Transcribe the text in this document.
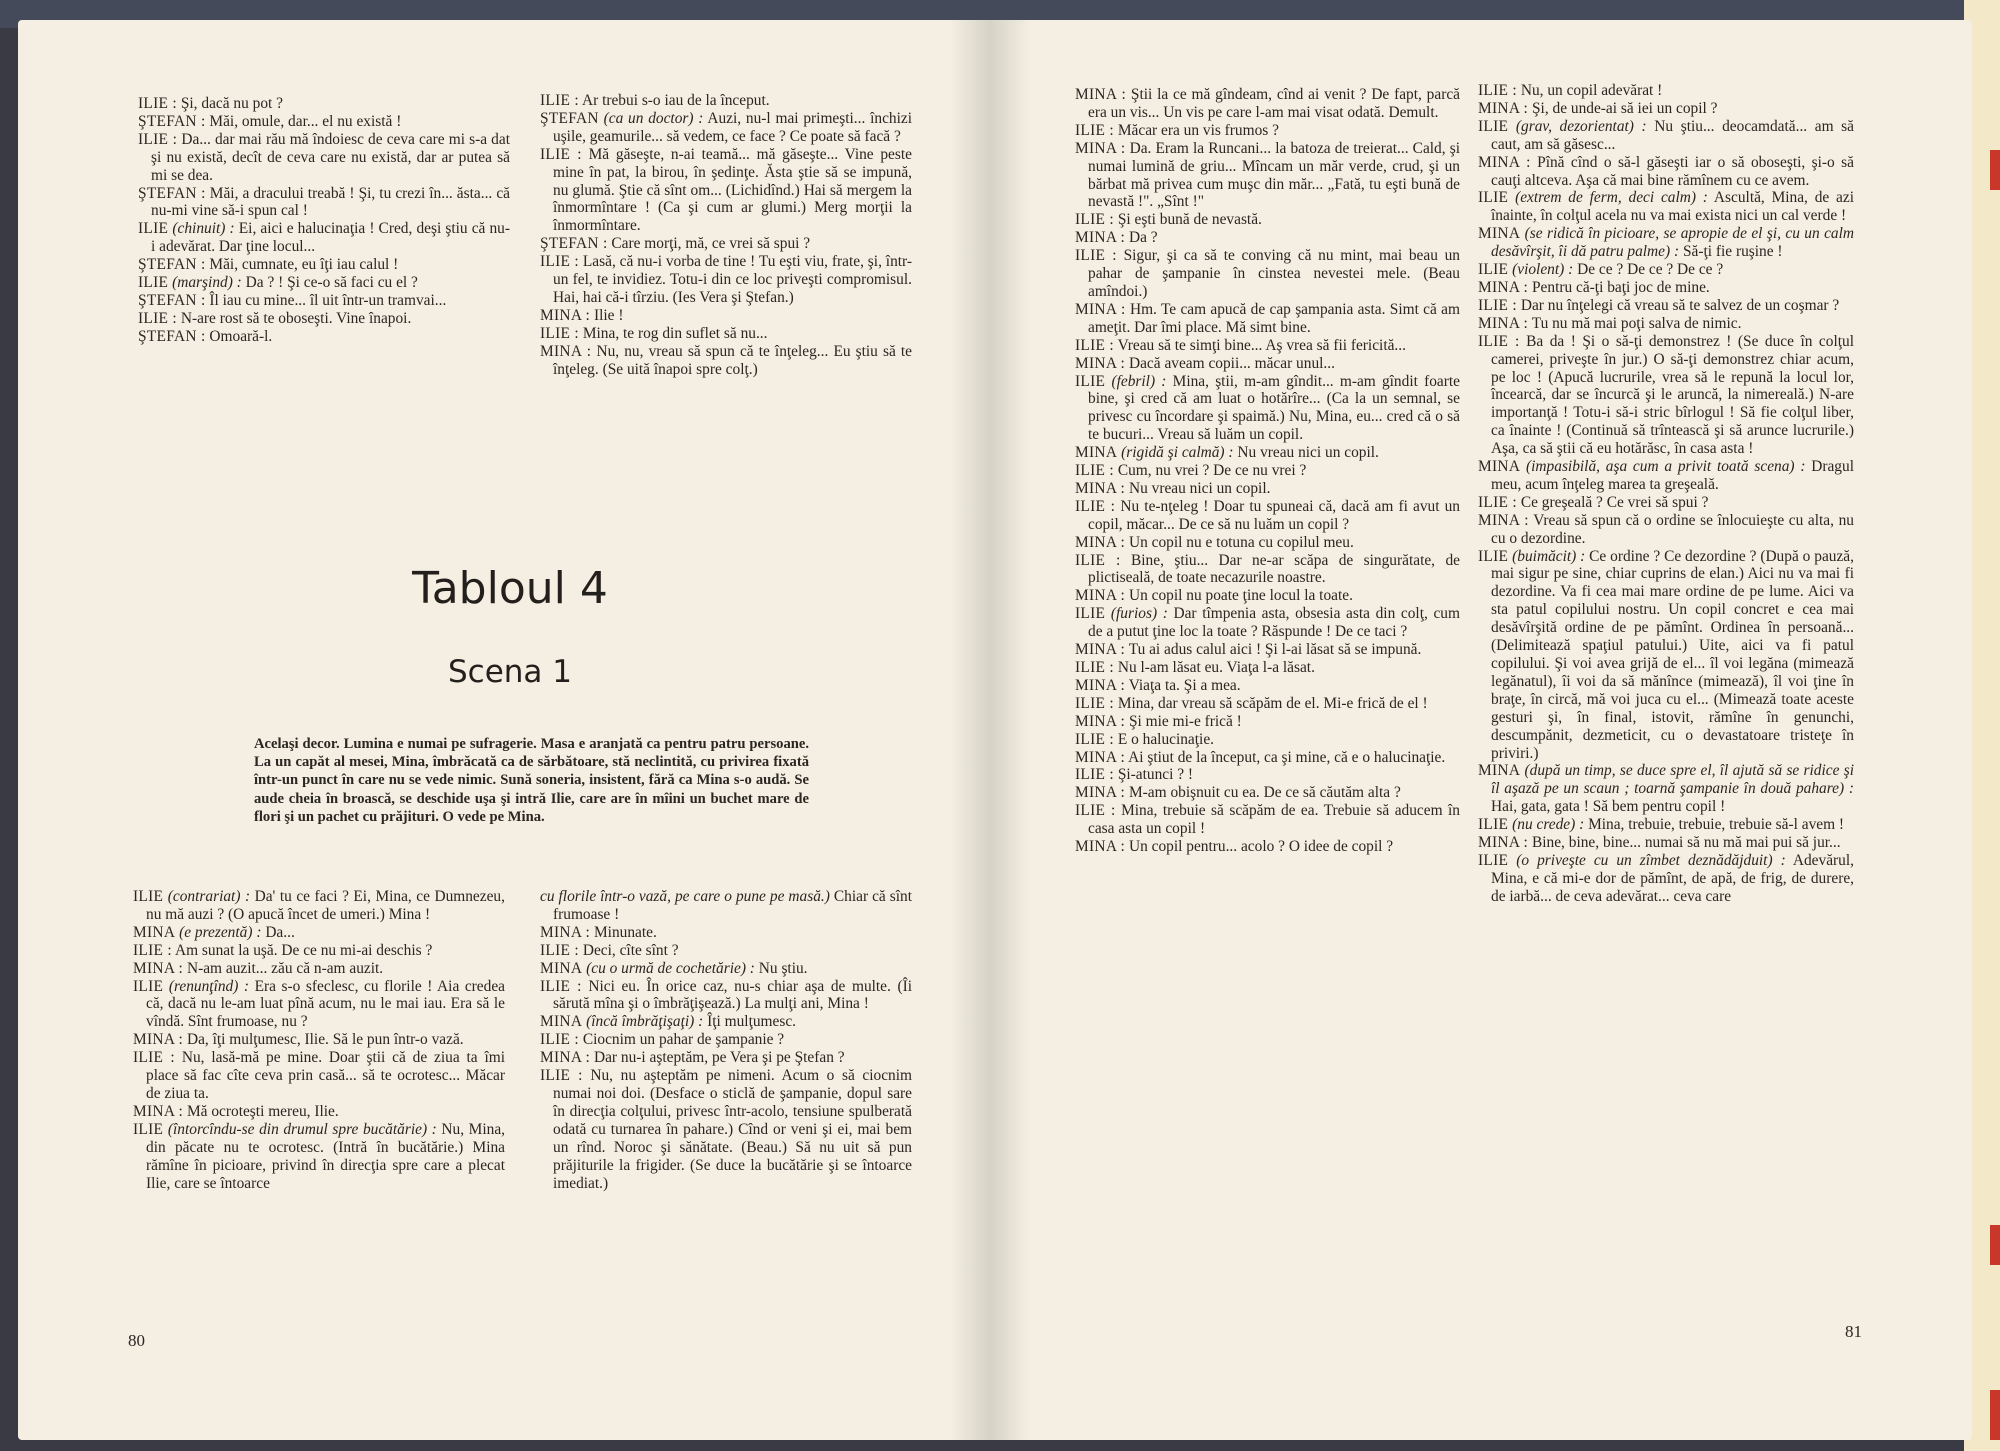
ILIE : Şi, dacă nu pot ?

ŞTEFAN : Măi, omule, dar... el nu există !

ILIE : Da... dar mai rău mă îndoiesc de ceva care mi s-a dat şi nu există, decît de ceva care nu există, dar ar putea să mi se dea.

ŞTEFAN : Măi, a dracului treabă ! Şi, tu crezi în... ăsta... că nu-mi vine să-i spun cal !

ILIE (chinuit) : Ei, aici e halucinaţia ! Cred, deşi ştiu că nu-i adevărat. Dar ţine locul...

ŞTEFAN : Măi, cumnate, eu îţi iau calul !

ILIE (marşind) : Da ? ! Şi ce-o să faci cu el ?

ŞTEFAN : Îl iau cu mine... îl uit într-un tramvai...

ILIE : N-are rost să te oboseşti. Vine înapoi.

ŞTEFAN : Omoară-l.

ILIE : Ar trebui s-o iau de la început.

ŞTEFAN (ca un doctor) : Auzi, nu-l mai primeşti... închizi uşile, geamurile... să vedem, ce face ? Ce poate să facă ?

ILIE : Mă găseşte, n-ai teamă... mă găseşte... Vine peste mine în pat, la birou, în şedinţe. Ăsta ştie să se impună, nu glumă. Ştie că sînt om... (Lichidînd.) Hai să mergem la înmormîntare ! (Ca şi cum ar glumi.) Merg morţii la înmormîntare.

ŞTEFAN : Care morţi, mă, ce vrei să spui ?

ILIE : Lasă, că nu-i vorba de tine ! Tu eşti viu, frate, şi, într-un fel, te invidiez. Totu-i din ce loc priveşti compromisul. Hai, hai că-i tîrziu. (Ies Vera şi Ştefan.)

MINA : Ilie !

ILIE : Mina, te rog din suflet să nu...

MINA : Nu, nu, vreau să spun că te înţeleg... Eu ştiu să te înţeleg. (Se uită înapoi spre colţ.)

Tabloul 4
Scena 1

Acelaşi decor. Lumina e numai pe sufragerie. Masa e aranjată ca pentru patru persoane. La un capăt al mesei, Mina, îmbrăcată ca de sărbătoare, stă neclintită, cu privirea fixată într-un punct în care nu se vede nimic. Sună soneria, insistent, fără ca Mina s-o audă. Se aude cheia în broască, se deschide uşa şi intră Ilie, care are în mîini un buchet mare de flori şi un pachet cu prăjituri. O vede pe Mina.

ILIE (contrariat) : Da' tu ce faci ? Ei, Mina, ce Dumnezeu, nu mă auzi ? (O apucă încet de umeri.) Mina !

MINA (e prezentă) : Da...

ILIE : Am sunat la uşă. De ce nu mi-ai deschis ?

MINA : N-am auzit... zău că n-am auzit.

ILIE (renunţînd) : Era s-o sfeclesc, cu florile ! Aia credea că, dacă nu le-am luat pînă acum, nu le mai iau. Era să le vîndă. Sînt frumoase, nu ?

MINA : Da, îţi mulţumesc, Ilie. Să le pun într-o vază.

ILIE : Nu, lasă-mă pe mine. Doar ştii că de ziua ta îmi place să fac cîte ceva prin casă... să te ocrotesc... Măcar de ziua ta.

MINA : Mă ocroteşti mereu, Ilie.

ILIE (întorcîndu-se din drumul spre bucătărie) : Nu, Mina, din păcate nu te ocrotesc. (Intră în bucătărie.) Mina rămîne în picioare, privind în direcţia spre care a plecat Ilie, care se întoarce

cu florile într-o vază, pe care o pune pe masă.) Chiar că sînt frumoase !

MINA : Minunate.

ILIE : Deci, cîte sînt ?

MINA (cu o urmă de cochetărie) : Nu ştiu.

ILIE : Nici eu. În orice caz, nu-s chiar aşa de multe. (Îi sărută mîna şi o îmbrăţişează.) La mulţi ani, Mina !

MINA (încă îmbrăţişaţi) : Îţi mulţumesc.

ILIE : Ciocnim un pahar de şampanie ?

MINA : Dar nu-i aşteptăm, pe Vera şi pe Ştefan ?

ILIE : Nu, nu aşteptăm pe nimeni. Acum o să ciocnim numai noi doi. (Desface o sticlă de şampanie, dopul sare în direcţia colţului, privesc într-acolo, tensiune spulberată odată cu turnarea în pahare.) Cînd or veni şi ei, mai bem un rînd. Noroc şi sănătate. (Beau.) Să nu uit să pun prăjiturile la frigider. (Se duce la bucătărie şi se întoarce imediat.)

MINA : Ştii la ce mă gîndeam, cînd ai venit ? De fapt, parcă era un vis... Un vis pe care l-am mai visat odată. Demult.

ILIE : Măcar era un vis frumos ?

MINA : Da. Eram la Runcani... la batoza de treierat... Cald, şi numai lumină de griu... Mîncam un măr verde, crud, şi un bărbat mă privea cum muşc din măr... „Fată, tu eşti bună de nevastă !". „Sînt !"

ILIE : Şi eşti bună de nevastă.

MINA : Da ?

ILIE : Sigur, şi ca să te conving că nu mint, mai beau un pahar de şampanie în cinstea nevestei mele. (Beau amîndoi.)

MINA : Hm. Te cam apucă de cap şampania asta. Simt că am ameţit. Dar îmi place. Mă simt bine.

ILIE : Vreau să te simţi bine... Aş vrea să fii fericită...

MINA : Dacă aveam copii... măcar unul...

ILIE (febril) : Mina, ştii, m-am gîndit... m-am gîndit foarte bine, şi cred că am luat o hotărîre... (Ca la un semnal, se privesc cu încordare şi spaimă.) Nu, Mina, eu... cred că o să te bucuri... Vreau să luăm un copil.

MINA (rigidă şi calmă) : Nu vreau nici un copil.

ILIE : Cum, nu vrei ? De ce nu vrei ?

MINA : Nu vreau nici un copil.

ILIE : Nu te-nţeleg ! Doar tu spuneai că, dacă am fi avut un copil, măcar... De ce să nu luăm un copil ?

MINA : Un copil nu e totuna cu copilul meu.

ILIE : Bine, ştiu... Dar ne-ar scăpa de singurătate, de plictiseală, de toate necazurile noastre.

MINA : Un copil nu poate ţine locul la toate.

ILIE (furios) : Dar tîmpenia asta, obsesia asta din colţ, cum de a putut ţine loc la toate ? Răspunde ! De ce taci ?

MINA : Tu ai adus calul aici ! Şi l-ai lăsat să se impună.

ILIE : Nu l-am lăsat eu. Viaţa l-a lăsat.

MINA : Viaţa ta. Şi a mea.

ILIE : Mina, dar vreau să scăpăm de el. Mi-e frică de el !

MINA : Şi mie mi-e frică !

ILIE : E o halucinaţie.

MINA : Ai ştiut de la început, ca şi mine, că e o halucinaţie.

ILIE : Şi-atunci ? !

MINA : M-am obişnuit cu ea. De ce să căutăm alta ?

ILIE : Mina, trebuie să scăpăm de ea. Trebuie să aducem în casa asta un copil !

MINA : Un copil pentru... acolo ? O idee de copil ?

ILIE : Nu, un copil adevărat !

MINA : Şi, de unde-ai să iei un copil ?

ILIE (grav, dezorientat) : Nu ştiu... deocamdată... am să caut, am să găsesc...

MINA : Pînă cînd o să-l găseşti iar o să oboseşti, şi-o să cauţi altceva. Aşa că mai bine rămînem cu ce avem.

ILIE (extrem de ferm, deci calm) : Ascultă, Mina, de azi înainte, în colţul acela nu va mai exista nici un cal verde !

MINA (se ridică în picioare, se apropie de el şi, cu un calm desăvîrşit, îi dă patru palme) : Să-ţi fie ruşine !

ILIE (violent) : De ce ? De ce ? De ce ?

MINA : Pentru că-ţi baţi joc de mine.

ILIE : Dar nu înţelegi că vreau să te salvez de un coşmar ?

MINA : Tu nu mă mai poţi salva de nimic.

ILIE : Ba da ! Şi o să-ţi demonstrez ! (Se duce în colţul camerei, priveşte în jur.) O să-ţi demonstrez chiar acum, pe loc ! (Apucă lucrurile, vrea să le repună la locul lor, încearcă, dar se încurcă şi le aruncă, la nimereală.) N-are importanţă ! Totu-i să-i stric bîrlogul ! Să fie colţul liber, ca înainte ! (Continuă să trîntească şi să arunce lucrurile.) Aşa, ca să ştii că eu hotărăsc, în casa asta !

MINA (impasibilă, aşa cum a privit toată scena) : Dragul meu, acum înţeleg marea ta greşeală.

ILIE : Ce greşeală ? Ce vrei să spui ?

MINA : Vreau să spun că o ordine se înlocuieşte cu alta, nu cu o dezordine.

ILIE (buimăcit) : Ce ordine ? Ce dezordine ? (După o pauză, mai sigur pe sine, chiar cuprins de elan.) Aici nu va mai fi dezordine. Va fi cea mai mare ordine de pe lume. Aici va sta patul copilului nostru. Un copil concret e cea mai desăvîrşită ordine de pe pămînt. Ordinea în persoană... (Delimitează spaţiul patului.) Uite, aici va fi patul copilului. Şi voi avea grijă de el... îl voi legăna (mimează legănatul), îi voi da să mănînce (mimează), îl voi ţine în braţe, în circă, mă voi juca cu el... (Mimează toate aceste gesturi şi, în final, istovit, rămîne în genunchi, descumpănit, dezmeticit, cu o devastatoare tristeţe în priviri.)

MINA (după un timp, se duce spre el, îl ajută să se ridice şi îl aşază pe un scaun ; toarnă şampanie în două pahare) : Hai, gata, gata ! Să bem pentru copil !

ILIE (nu crede) : Mina, trebuie, trebuie, trebuie să-l avem !

MINA : Bine, bine, bine... numai să nu mă mai pui să jur...

ILIE (o priveşte cu un zîmbet deznădăjduit) : Adevărul, Mina, e că mi-e dor de pămînt, de apă, de frig, de durere, de iarbă... de ceva adevărat... ceva care

80	81
